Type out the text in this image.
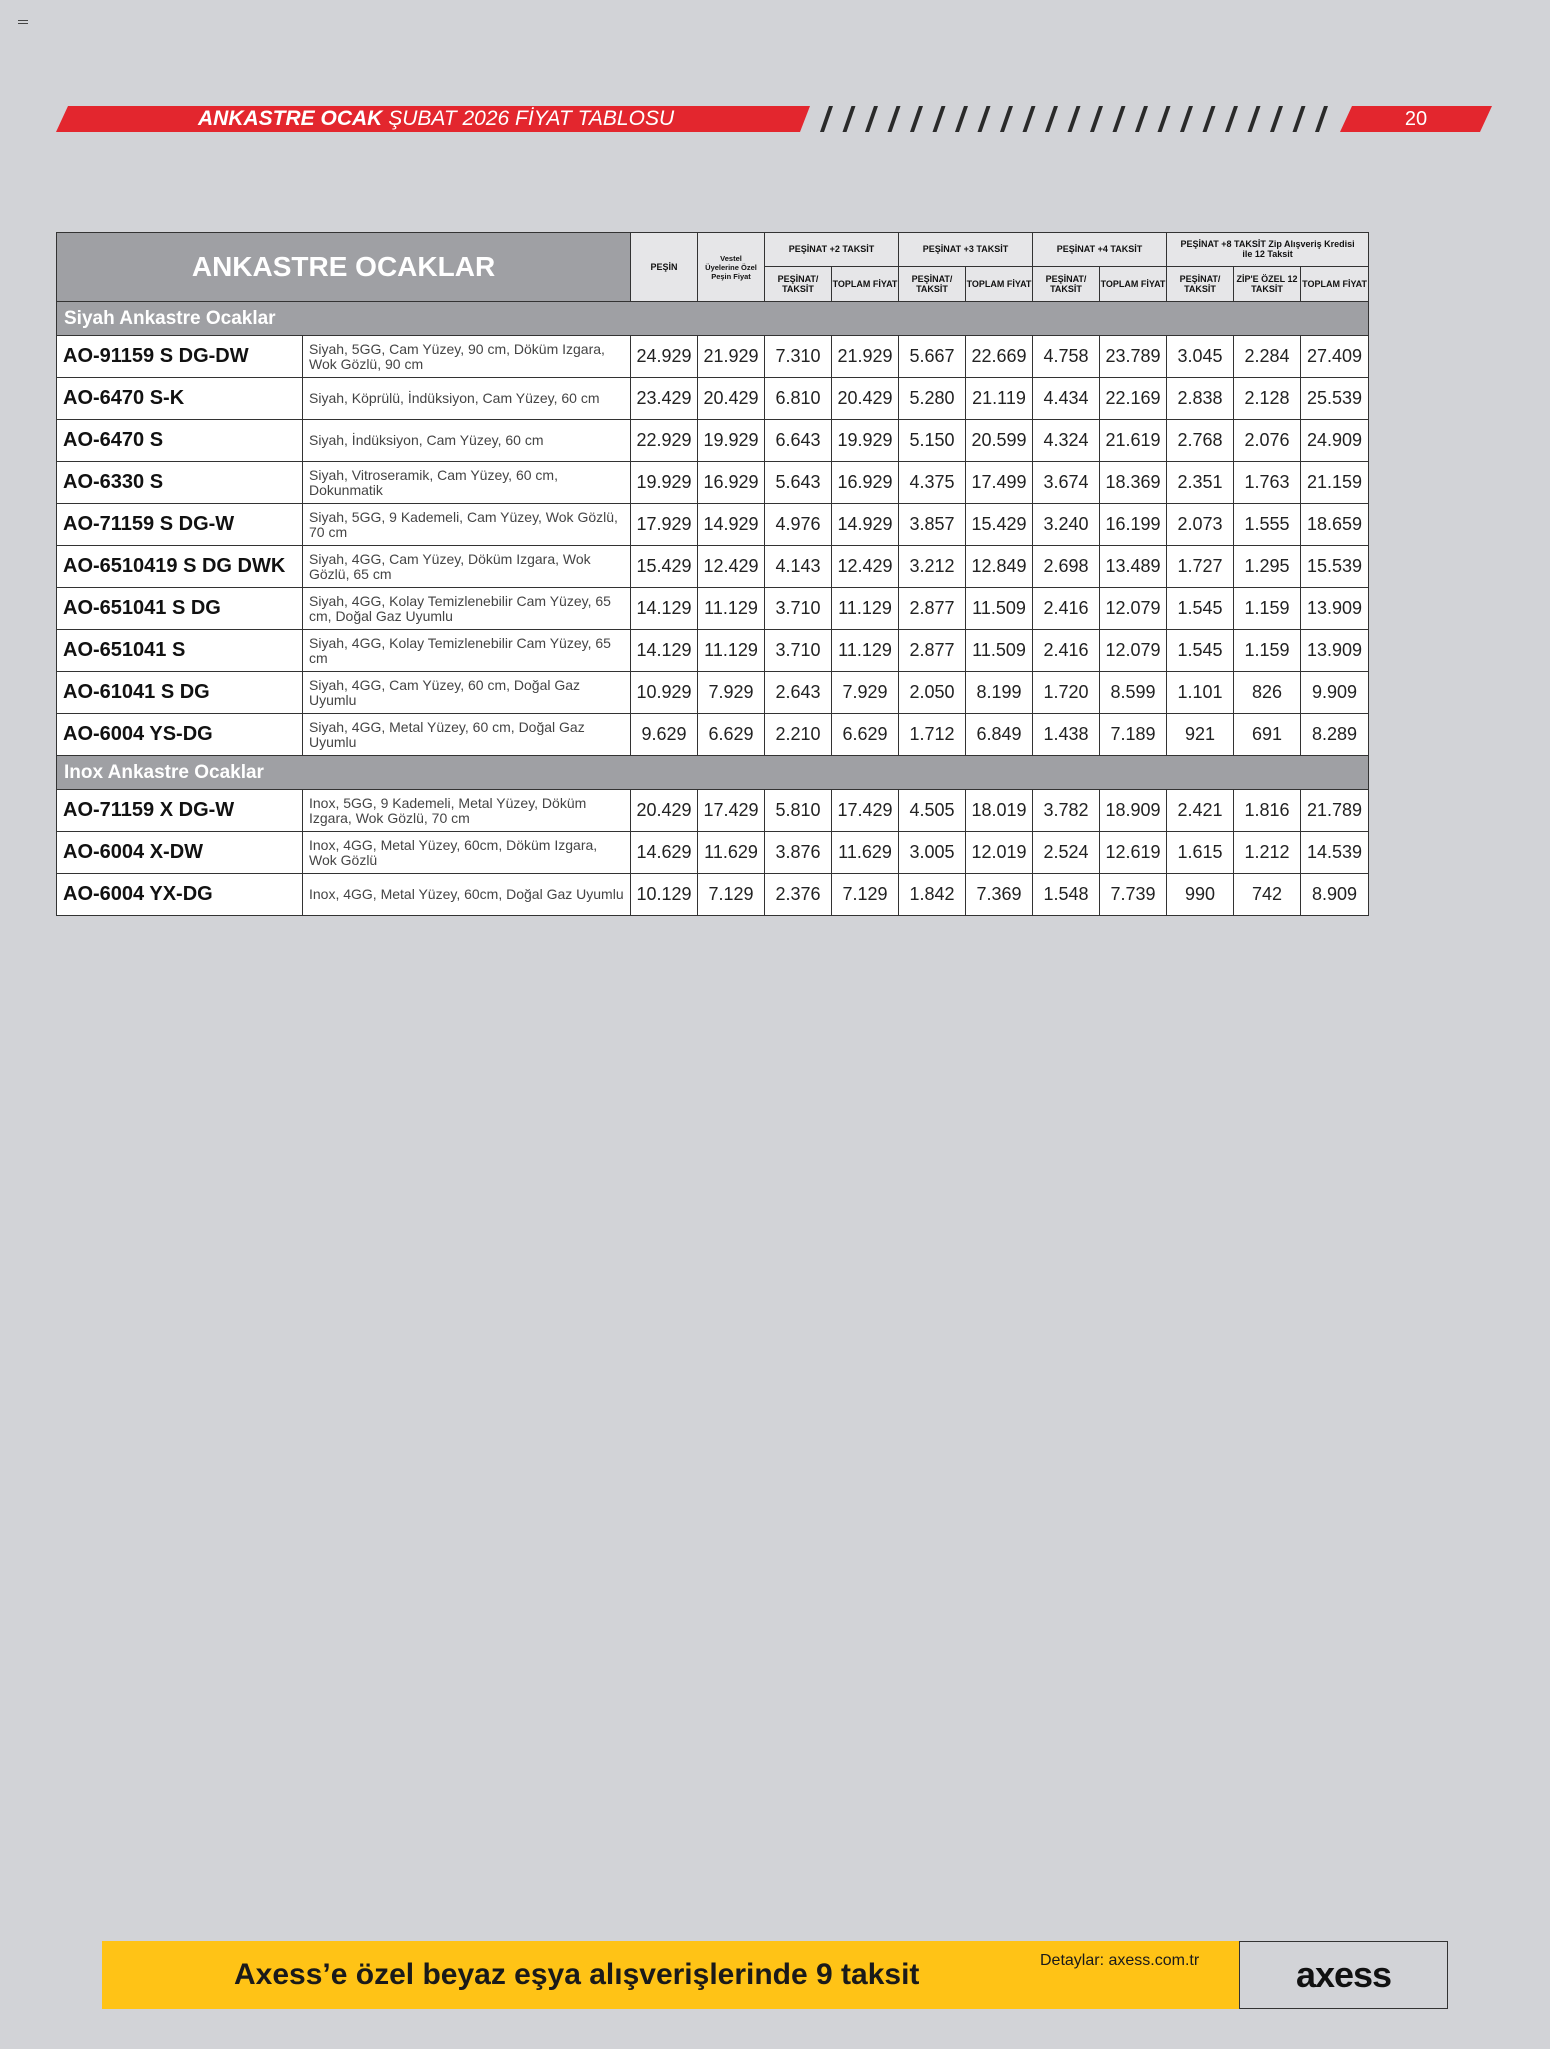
ANKASTRE OCAK ŞUBAT 2026 FİYAT TABLOSU	20
ANKASTRE OCAKLAR		PEŞİN	Vestel Üyelerine Özel Peşin Fiyat	PEŞİNAT +2 TAKSİT		PEŞİNAT +3 TAKSİT		PEŞİNAT +4 TAKSİT		PEŞİNAT +8 TAKSİT Zip Alışveriş Kredisi ile 12 Taksit		
				PEŞİNAT/ TAKSİT	TOPLAM FİYAT	PEŞİNAT/ TAKSİT	TOPLAM FİYAT	PEŞİNAT/ TAKSİT	TOPLAM FİYAT	PEŞİNAT/ TAKSİT	ZİP'E ÖZEL 12 TAKSİT	TOPLAM FİYAT
Siyah Ankastre Ocaklar												
AO-91159 S DG-DW	Siyah, 5GG, Cam Yüzey, 90 cm, Döküm Izgara, Wok Gözlü, 90 cm	24.929	21.929	7.310	21.929	5.667	22.669	4.758	23.789	3.045	2.284	27.409
AO-6470 S-K	Siyah, Köprülü, İndüksiyon, Cam Yüzey, 60 cm	23.429	20.429	6.810	20.429	5.280	21.119	4.434	22.169	2.838	2.128	25.539
AO-6470 S	Siyah, İndüksiyon, Cam Yüzey, 60 cm	22.929	19.929	6.643	19.929	5.150	20.599	4.324	21.619	2.768	2.076	24.909
AO-6330 S	Siyah, Vitroseramik, Cam Yüzey, 60 cm, Dokunmatik	19.929	16.929	5.643	16.929	4.375	17.499	3.674	18.369	2.351	1.763	21.159
AO-71159 S DG-W	Siyah, 5GG, 9 Kademeli, Cam Yüzey, Wok Gözlü, 70 cm	17.929	14.929	4.976	14.929	3.857	15.429	3.240	16.199	2.073	1.555	18.659
AO-6510419 S DG DWK	Siyah, 4GG, Cam Yüzey, Döküm Izgara, Wok Gözlü, 65 cm	15.429	12.429	4.143	12.429	3.212	12.849	2.698	13.489	1.727	1.295	15.539
AO-651041 S DG	Siyah, 4GG, Kolay Temizlenebilir Cam Yüzey, 65 cm, Doğal Gaz Uyumlu	14.129	11.129	3.710	11.129	2.877	11.509	2.416	12.079	1.545	1.159	13.909
AO-651041 S	Siyah, 4GG, Kolay Temizlenebilir Cam Yüzey, 65 cm	14.129	11.129	3.710	11.129	2.877	11.509	2.416	12.079	1.545	1.159	13.909
AO-61041 S DG	Siyah, 4GG, Cam Yüzey, 60 cm, Doğal Gaz Uyumlu	10.929	7.929	2.643	7.929	2.050	8.199	1.720	8.599	1.101	826	9.909
AO-6004 YS-DG	Siyah, 4GG, Metal Yüzey, 60 cm, Doğal Gaz Uyumlu	9.629	6.629	2.210	6.629	1.712	6.849	1.438	7.189	921	691	8.289
Inox Ankastre Ocaklar												
AO-71159 X DG-W	Inox, 5GG, 9 Kademeli, Metal Yüzey, Döküm Izgara, Wok Gözlü, 70 cm	20.429	17.429	5.810	17.429	4.505	18.019	3.782	18.909	2.421	1.816	21.789
AO-6004 X-DW	Inox, 4GG, Metal Yüzey, 60cm, Döküm Izgara, Wok Gözlü	14.629	11.629	3.876	11.629	3.005	12.019	2.524	12.619	1.615	1.212	14.539
AO-6004 YX-DG	Inox, 4GG, Metal Yüzey, 60cm, Doğal Gaz Uyumlu	10.129	7.129	2.376	7.129	1.842	7.369	1.548	7.739	990	742	8.909
Axess’e özel beyaz eşya alışverişlerinde 9 taksit	Detaylar: axess.com.tr	axess
